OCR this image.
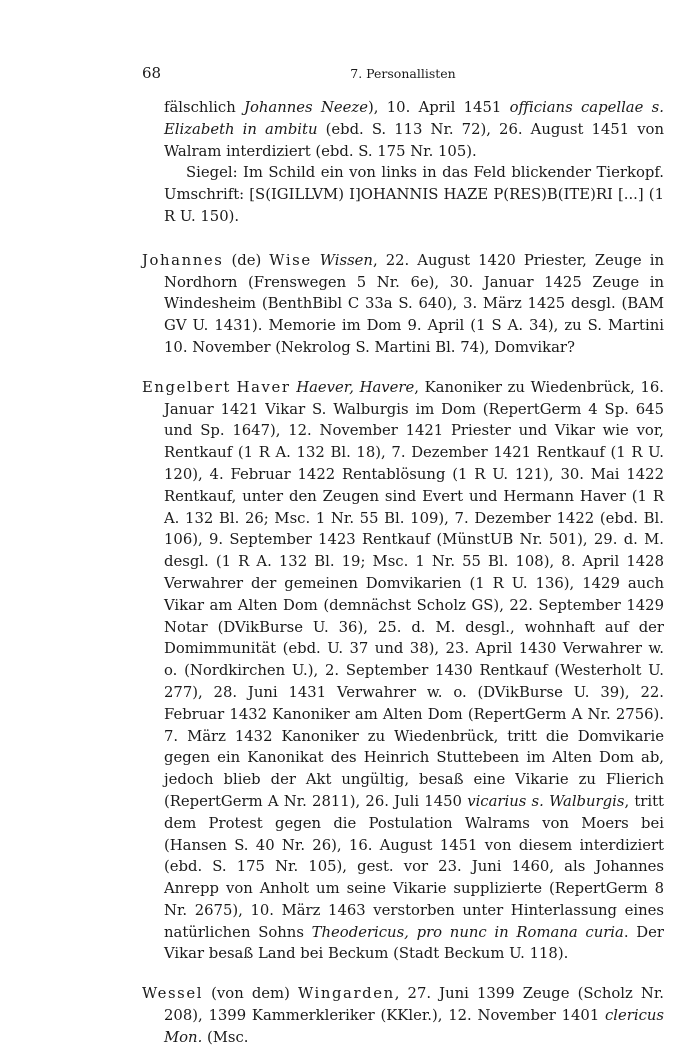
68	7. Personallisten

fälschlich Johannes Neeze), 10. April 1451 officians capellae s. Elizabeth in ambitu (ebd. S. 113 Nr. 72), 26. August 1451 von Walram interdiziert (ebd. S. 175 Nr. 105).

Siegel: Im Schild ein von links in das Feld blickender Tierkopf. Umschrift: [S(IGILLVM) I]OHANNIS HAZE P(RES)B(ITE)RI [...] (1 R U. 150).

Johannes (de) Wise Wissen, 22. August 1420 Priester, Zeuge in Nordhorn (Frenswegen 5 Nr. 6e), 30. Januar 1425 Zeuge in Windesheim (BenthBibl C 33a S. 640), 3. März 1425 desgl. (BAM GV U. 1431). Memorie im Dom 9. April (1 S A. 34), zu S. Martini 10. November (Nekrolog S. Martini Bl. 74), Domvikar?

Engelbert Haver Haever, Havere, Kanoniker zu Wiedenbrück, 16. Januar 1421 Vikar S. Walburgis im Dom (RepertGerm 4 Sp. 645 und Sp. 1647), 12. November 1421 Priester und Vikar wie vor, Rentkauf (1 R A. 132 Bl. 18), 7. Dezember 1421 Rentkauf (1 R U. 120), 4. Februar 1422 Rentablösung (1 R U. 121), 30. Mai 1422 Rentkauf, unter den Zeugen sind Evert und Hermann Haver (1 R A. 132 Bl. 26; Msc. 1 Nr. 55 Bl. 109), 7. Dezember 1422 (ebd. Bl. 106), 9. September 1423 Rentkauf (MünstUB Nr. 501), 29. d. M. desgl. (1 R A. 132 Bl. 19; Msc. 1 Nr. 55 Bl. 108), 8. April 1428 Verwahrer der gemeinen Domvikarien (1 R U. 136), 1429 auch Vikar am Alten Dom (demnächst Scholz GS), 22. September 1429 Notar (DVikBurse U. 36), 25. d. M. desgl., wohnhaft auf der Domimmunität (ebd. U. 37 und 38), 23. April 1430 Verwahrer w. o. (Nordkirchen U.), 2. September 1430 Rentkauf (Westerholt U. 277), 28. Juni 1431 Verwahrer w. o. (DVikBurse U. 39), 22. Februar 1432 Kanoniker am Alten Dom (RepertGerm A Nr. 2756). 7. März 1432 Kanoniker zu Wiedenbrück, tritt die Domvikarie gegen ein Kanonikat des Heinrich Stuttebeen im Alten Dom ab, jedoch blieb der Akt ungültig, besaß eine Vikarie zu Flierich (RepertGerm A Nr. 2811), 26. Juli 1450 vicarius s. Walburgis, tritt dem Protest gegen die Postulation Walrams von Moers bei (Hansen S. 40 Nr. 26), 16. August 1451 von diesem interdiziert (ebd. S. 175 Nr. 105), gest. vor 23. Juni 1460, als Johannes Anrepp von Anholt um seine Vikarie supplizierte (RepertGerm 8 Nr. 2675), 10. März 1463 verstorben unter Hinterlassung eines natürlichen Sohns Theodericus, pro nunc in Romana curia. Der Vikar besaß Land bei Beckum (Stadt Beckum U. 118).

Wessel (von dem) Wingarden, 27. Juni 1399 Zeuge (Scholz Nr. 208), 1399 Kammerkleriker (KKler.), 12. November 1401 clericus Mon. (Msc.
